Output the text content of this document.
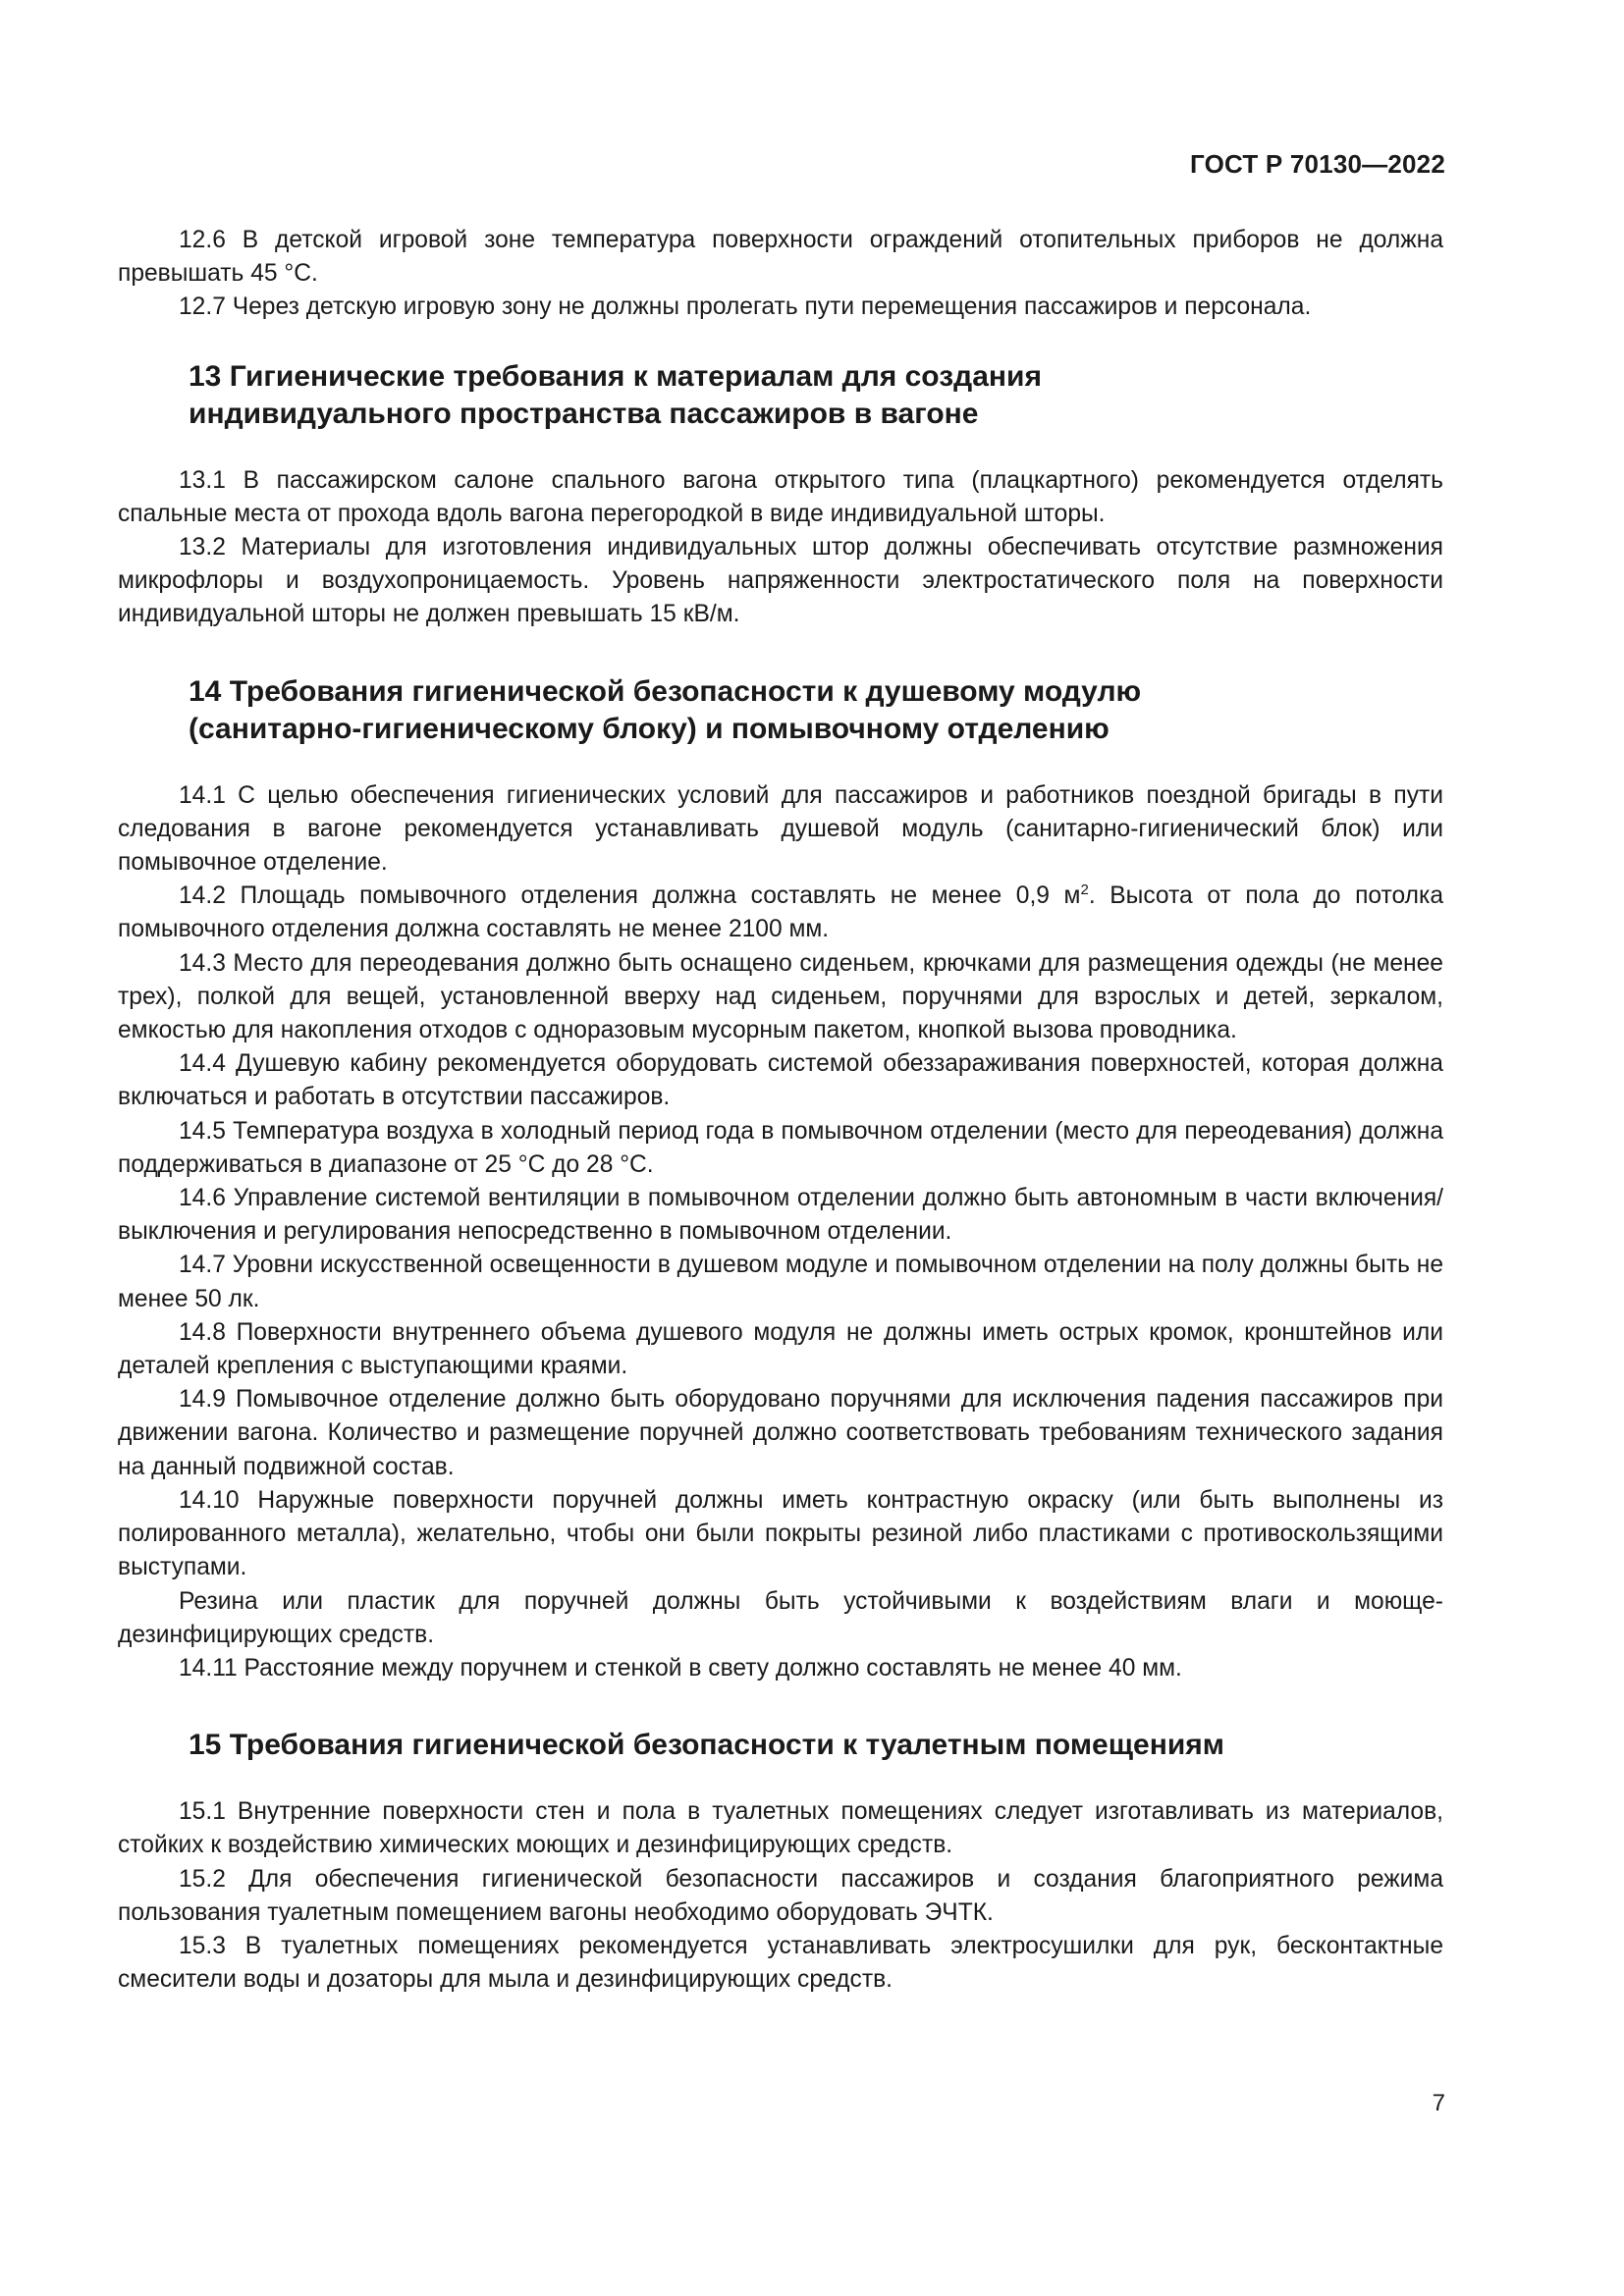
ГОСТ Р 70130—2022

12.6 В детской игровой зоне температура поверхности ограждений отопительных приборов не должна превышать 45 °С.

12.7 Через детскую игровую зону не должны пролегать пути перемещения пассажиров и персонала.

13 Гигиенические требования к материалам для создания
индивидуального пространства пассажиров в вагоне

13.1 В пассажирском салоне спального вагона открытого типа (плацкартного) рекомендуется отделять спальные места от прохода вдоль вагона перегородкой в виде индивидуальной шторы.

13.2 Материалы для изготовления индивидуальных штор должны обеспечивать отсутствие размножения микрофлоры и воздухопроницаемость. Уровень напряженности электростатического поля на поверхности индивидуальной шторы не должен превышать 15 кВ/м.

14 Требования гигиенической безопасности к душевому модулю
(санитарно-гигиеническому блоку) и помывочному отделению

14.1 С целью обеспечения гигиенических условий для пассажиров и работников поездной бригады в пути следования в вагоне рекомендуется устанавливать душевой модуль (санитарно-гигиенический блок) или помывочное отделение.

14.2 Площадь помывочного отделения должна составлять не менее 0,9 $м^2$. Высота от пола до потолка помывочного отделения должна составлять не менее 2100 мм.

14.3 Место для переодевания должно быть оснащено сиденьем, крючками для размещения одежды (не менее трех), полкой для вещей, установленной вверху над сиденьем, поручнями для взрослых и детей, зеркалом, емкостью для накопления отходов с одноразовым мусорным пакетом, кнопкой вызова проводника.

14.4 Душевую кабину рекомендуется оборудовать системой обеззараживания поверхностей, которая должна включаться и работать в отсутствии пассажиров.

14.5 Температура воздуха в холодный период года в помывочном отделении (место для переодевания) должна поддерживаться в диапазоне от 25 °С до 28 °С.

14.6 Управление системой вентиляции в помывочном отделении должно быть автономным в части включения/выключения и регулирования непосредственно в помывочном отделении.

14.7 Уровни искусственной освещенности в душевом модуле и помывочном отделении на полу должны быть не менее 50 лк.

14.8 Поверхности внутреннего объема душевого модуля не должны иметь острых кромок, кронштейнов или деталей крепления с выступающими краями.

14.9 Помывочное отделение должно быть оборудовано поручнями для исключения падения пассажиров при движении вагона. Количество и размещение поручней должно соответствовать требованиям технического задания на данный подвижной состав.

14.10 Наружные поверхности поручней должны иметь контрастную окраску (или быть выполнены из полированного металла), желательно, чтобы они были покрыты резиной либо пластиками с противоскользящими выступами.

Резина или пластик для поручней должны быть устойчивыми к воздействиям влаги и моюще-дезинфицирующих средств.

14.11 Расстояние между поручнем и стенкой в свету должно составлять не менее 40 мм.

15 Требования гигиенической безопасности к туалетным помещениям

15.1 Внутренние поверхности стен и пола в туалетных помещениях следует изготавливать из материалов, стойких к воздействию химических моющих и дезинфицирующих средств.

15.2 Для обеспечения гигиенической безопасности пассажиров и создания благоприятного режима пользования туалетным помещением вагоны необходимо оборудовать ЭЧТК.

15.3 В туалетных помещениях рекомендуется устанавливать электросушилки для рук, бесконтактные смесители воды и дозаторы для мыла и дезинфицирующих средств.

7
